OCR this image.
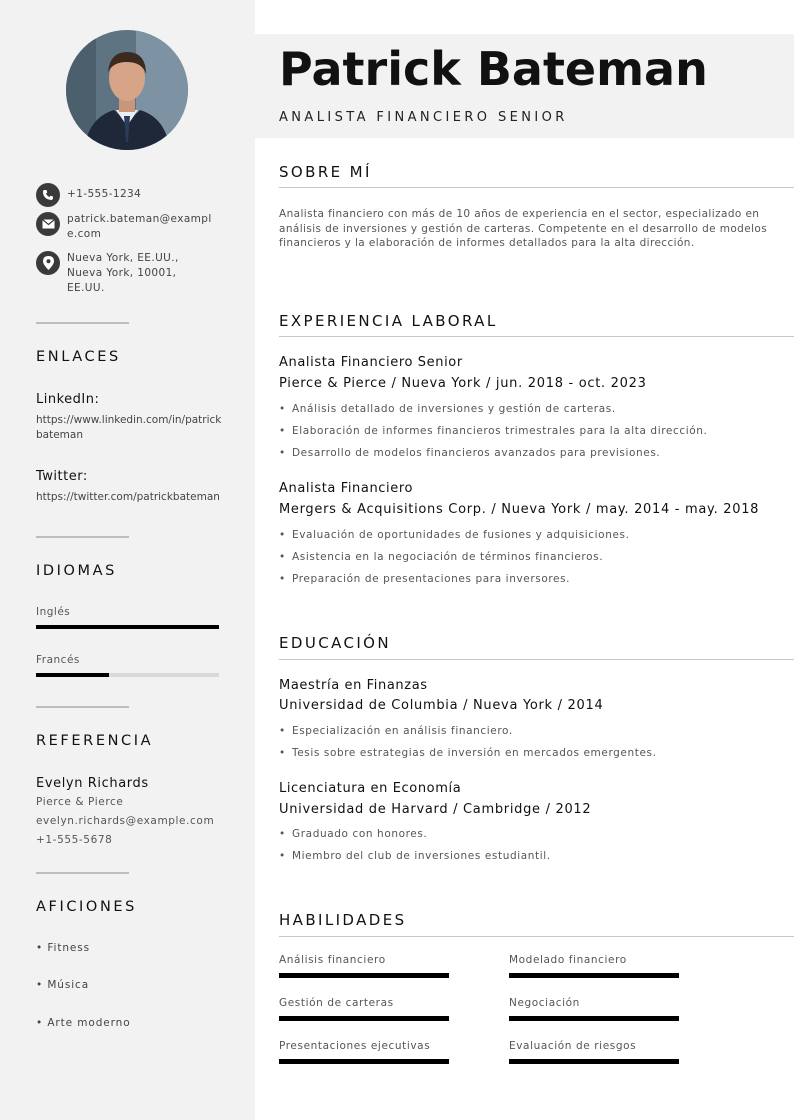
+1-555-1234
patrick.bateman@example.com
Nueva York, EE.UU., Nueva York, 10001, EE.UU.
ENLACES
LinkedIn:
https://www.linkedin.com/in/patrickbateman
Twitter:
https://twitter.com/patrickbateman
IDIOMAS
Inglés
Francés
REFERENCIA
Evelyn Richards
Pierce & Pierce
evelyn.richards@example.com
+1-555-5678
AFICIONES
• Fitness
• Música
• Arte moderno
Patrick Bateman
ANALISTA FINANCIERO SENIOR
SOBRE MÍ
Analista financiero con más de 10 años de experiencia en el sector, especializado en análisis de inversiones y gestión de carteras. Competente en el desarrollo de modelos financieros y la elaboración de informes detallados para la alta dirección.
EXPERIENCIA LABORAL
Analista Financiero Senior
Pierce & Pierce / Nueva York / jun. 2018 - oct. 2023
• Análisis detallado de inversiones y gestión de carteras.
• Elaboración de informes financieros trimestrales para la alta dirección.
• Desarrollo de modelos financieros avanzados para previsiones.
Analista Financiero
Mergers & Acquisitions Corp. / Nueva York / may. 2014 - may. 2018
• Evaluación de oportunidades de fusiones y adquisiciones.
• Asistencia en la negociación de términos financieros.
• Preparación de presentaciones para inversores.
EDUCACIÓN
Maestría en Finanzas
Universidad de Columbia / Nueva York / 2014
• Especialización en análisis financiero.
• Tesis sobre estrategias de inversión en mercados emergentes.
Licenciatura en Economía
Universidad de Harvard / Cambridge / 2012
• Graduado con honores.
• Miembro del club de inversiones estudiantil.
HABILIDADES
Análisis financiero	Modelado financiero
Gestión de carteras	Negociación
Presentaciones ejecutivas	Evaluación de riesgos
